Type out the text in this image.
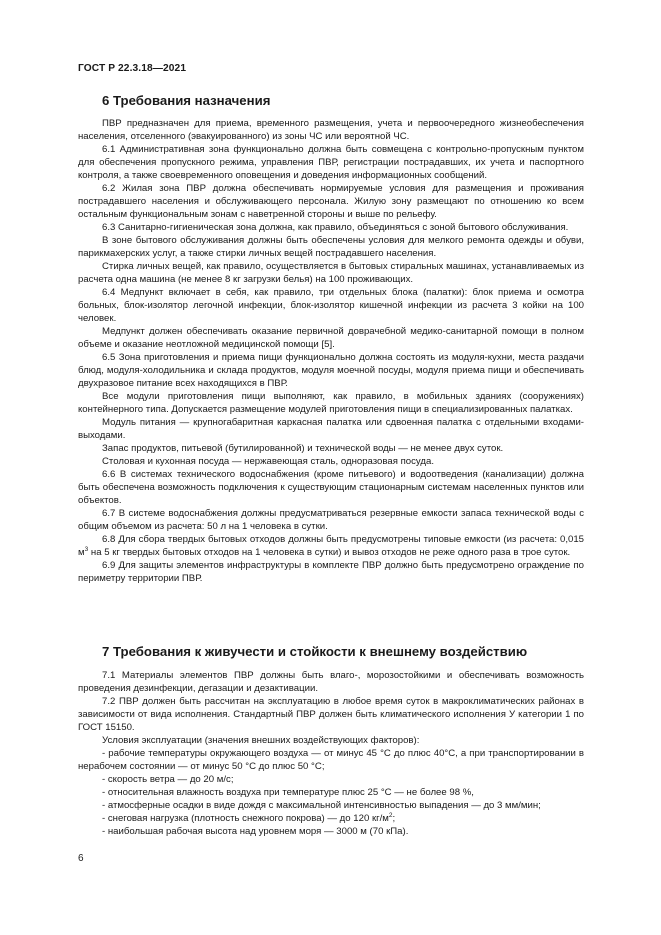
ГОСТ Р 22.3.18—2021
6 Требования назначения

ПВР предназначен для приема, временного размещения, учета и первоочередного жизнеобеспечения населения, отселенного (эвакуированного) из зоны ЧС или вероятной ЧС.

6.1 Административная зона функционально должна быть совмещена с контрольно-пропускным пунктом для обеспечения пропускного режима, управления ПВР, регистрации пострадавших, их учета и паспортного контроля, а также своевременного оповещения и доведения информационных сообщений.

6.2 Жилая зона ПВР должна обеспечивать нормируемые условия для размещения и проживания пострадавшего населения и обслуживающего персонала. Жилую зону размещают по отношению ко всем остальным функциональным зонам с наветренной стороны и выше по рельефу.

6.3 Санитарно-гигиеническая зона должна, как правило, объединяться с зоной бытового обслуживания.

В зоне бытового обслуживания должны быть обеспечены условия для мелкого ремонта одежды и обуви, парикмахерских услуг, а также стирки личных вещей пострадавшего населения.

Стирка личных вещей, как правило, осуществляется в бытовых стиральных машинах, устанавливаемых из расчета одна машина (не менее 8 кг загрузки белья) на 100 проживающих.

6.4 Медпункт включает в себя, как правило, три отдельных блока (палатки): блок приема и осмотра больных, блок-изолятор легочной инфекции, блок-изолятор кишечной инфекции из расчета 3 койки на 100 человек.

Медпункт должен обеспечивать оказание первичной доврачебной медико-санитарной помощи в полном объеме и оказание неотложной медицинской помощи [5].

6.5 Зона приготовления и приема пищи функционально должна состоять из модуля-кухни, места раздачи блюд, модуля-холодильника и склада продуктов, модуля моечной посуды, модуля приема пищи и обеспечивать двухразовое питание всех находящихся в ПВР.

Все модули приготовления пищи выполняют, как правило, в мобильных зданиях (сооружениях) контейнерного типа. Допускается размещение модулей приготовления пищи в специализированных палатках.

Модуль питания — крупногабаритная каркасная палатка или сдвоенная палатка с отдельными входами-выходами.

Запас продуктов, питьевой (бутилированной) и технической воды — не менее двух суток.

Столовая и кухонная посуда — нержавеющая сталь, одноразовая посуда.

6.6 В системах технического водоснабжения (кроме питьевого) и водоотведения (канализации) должна быть обеспечена возможность подключения к существующим стационарным системам населенных пунктов или объектов.

6.7 В системе водоснабжения должны предусматриваться резервные емкости запаса технической воды с общим объемом из расчета: 50 л на 1 человека в сутки.

6.8 Для сбора твердых бытовых отходов должны быть предусмотрены типовые емкости (из расчета: 0,015 $м^3$ на 5 кг твердых бытовых отходов на 1 человека в сутки) и вывоз отходов не реже одного раза в трое суток.

6.9 Для защиты элементов инфраструктуры в комплекте ПВР должно быть предусмотрено ограждение по периметру территории ПВР.

7 Требования к живучести и стойкости к внешнему воздействию

7.1 Материалы элементов ПВР должны быть влаго-, морозостойкими и обеспечивать возможность проведения дезинфекции, дегазации и дезактивации.

7.2 ПВР должен быть рассчитан на эксплуатацию в любое время суток в макроклиматических районах в зависимости от вида исполнения. Стандартный ПВР должен быть климатического исполнения У категории 1 по ГОСТ 15150.

Условия эксплуатации (значения внешних воздействующих факторов):

- рабочие температуры окружающего воздуха — от минус 45 °С до плюс 40°С, а при транспортировании в нерабочем состоянии — от минус 50 °С до плюс 50 °С;

- скорость ветра — до 20 м/с;

- относительная влажность воздуха при температуре плюс 25 °С — не более 98 %,

- атмосферные осадки в виде дождя с максимальной интенсивностью выпадения — до 3 мм/мин;

- снеговая нагрузка (плотность снежного покрова) — до 120 $кг/м^2$;

- наибольшая рабочая высота над уровнем моря — 3000 м (70 кПа).

6
